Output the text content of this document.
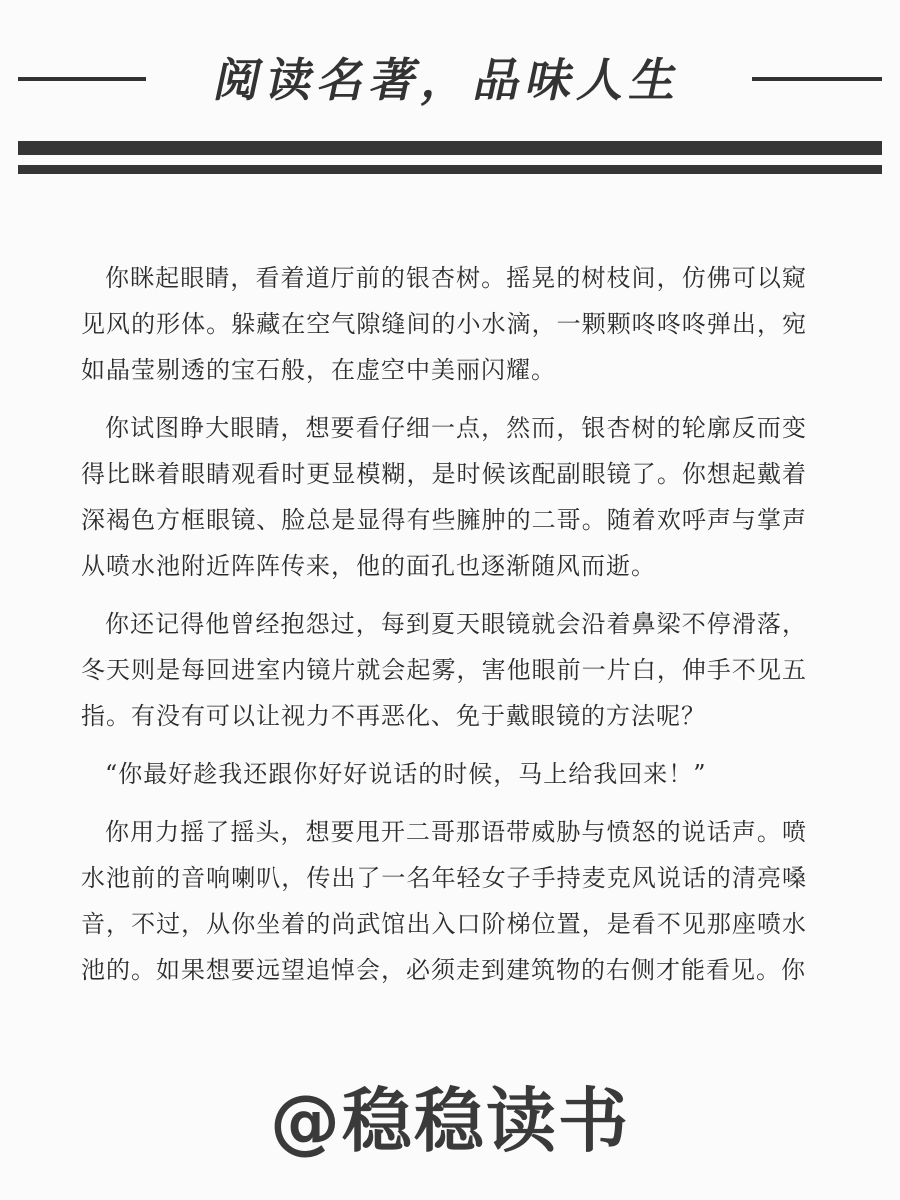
阅读名著，品味人生

你眯起眼睛，看着道厅前的银杏树。摇晃的树枝间，仿佛可以窥见风的形体。躲藏在空气隙缝间的小水滴，一颗颗咚咚咚弹出，宛如晶莹剔透的宝石般，在虚空中美丽闪耀。

你试图睁大眼睛，想要看仔细一点，然而，银杏树的轮廓反而变得比眯着眼睛观看时更显模糊，是时候该配副眼镜了。你想起戴着深褐色方框眼镜、脸总是显得有些臃肿的二哥。随着欢呼声与掌声从喷水池附近阵阵传来，他的面孔也逐渐随风而逝。

你还记得他曾经抱怨过，每到夏天眼镜就会沿着鼻梁不停滑落，冬天则是每回进室内镜片就会起雾，害他眼前一片白，伸手不见五指。有没有可以让视力不再恶化、免于戴眼镜的方法呢？

“你最好趁我还跟你好好说话的时候，马上给我回来！”

你用力摇了摇头，想要甩开二哥那语带威胁与愤怒的说话声。喷水池前的音响喇叭，传出了一名年轻女子手持麦克风说话的清亮嗓音，不过，从你坐着的尚武馆出入口阶梯位置，是看不见那座喷水池的。如果想要远望追悼会，必须走到建筑物的右侧才能看见。你

@稳稳读书
